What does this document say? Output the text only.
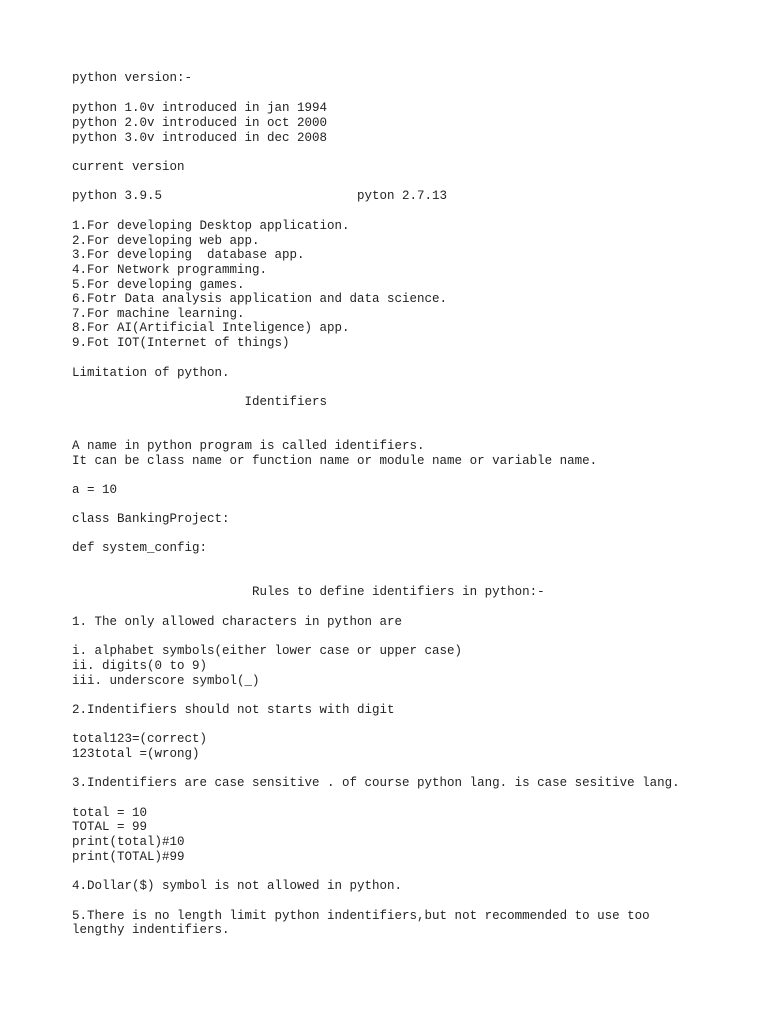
python version:-
python 1.0v introduced in jan 1994
python 2.0v introduced in oct 2000
python 3.0v introduced in dec 2008
current version
python 3.9.5                          pyton 2.7.13
1.For developing Desktop application.
2.For developing web app.
3.For developing  database app.
4.For Network programming.
5.For developing games.
6.Fotr Data analysis application and data science.
7.For machine learning.
8.For AI(Artificial Inteligence) app.
9.Fot IOT(Internet of things)
Limitation of python.
Identifiers
A name in python program is called identifiers.
It can be class name or function name or module name or variable name.
a = 10
class BankingProject:
def system_config:
Rules to define identifiers in python:-
1. The only allowed characters in python are
i. alphabet symbols(either lower case or upper case)
ii. digits(0 to 9)
iii. underscore symbol(_)
2.Indentifiers should not starts with digit
total123=(correct)
123total =(wrong)
3.Indentifiers are case sensitive . of course python lang. is case sesitive lang.
total = 10
TOTAL = 99
print(total)#10
print(TOTAL)#99
4.Dollar($) symbol is not allowed in python.
5.There is no length limit python indentifiers,but not recommended to use too
lengthy indentifiers.
